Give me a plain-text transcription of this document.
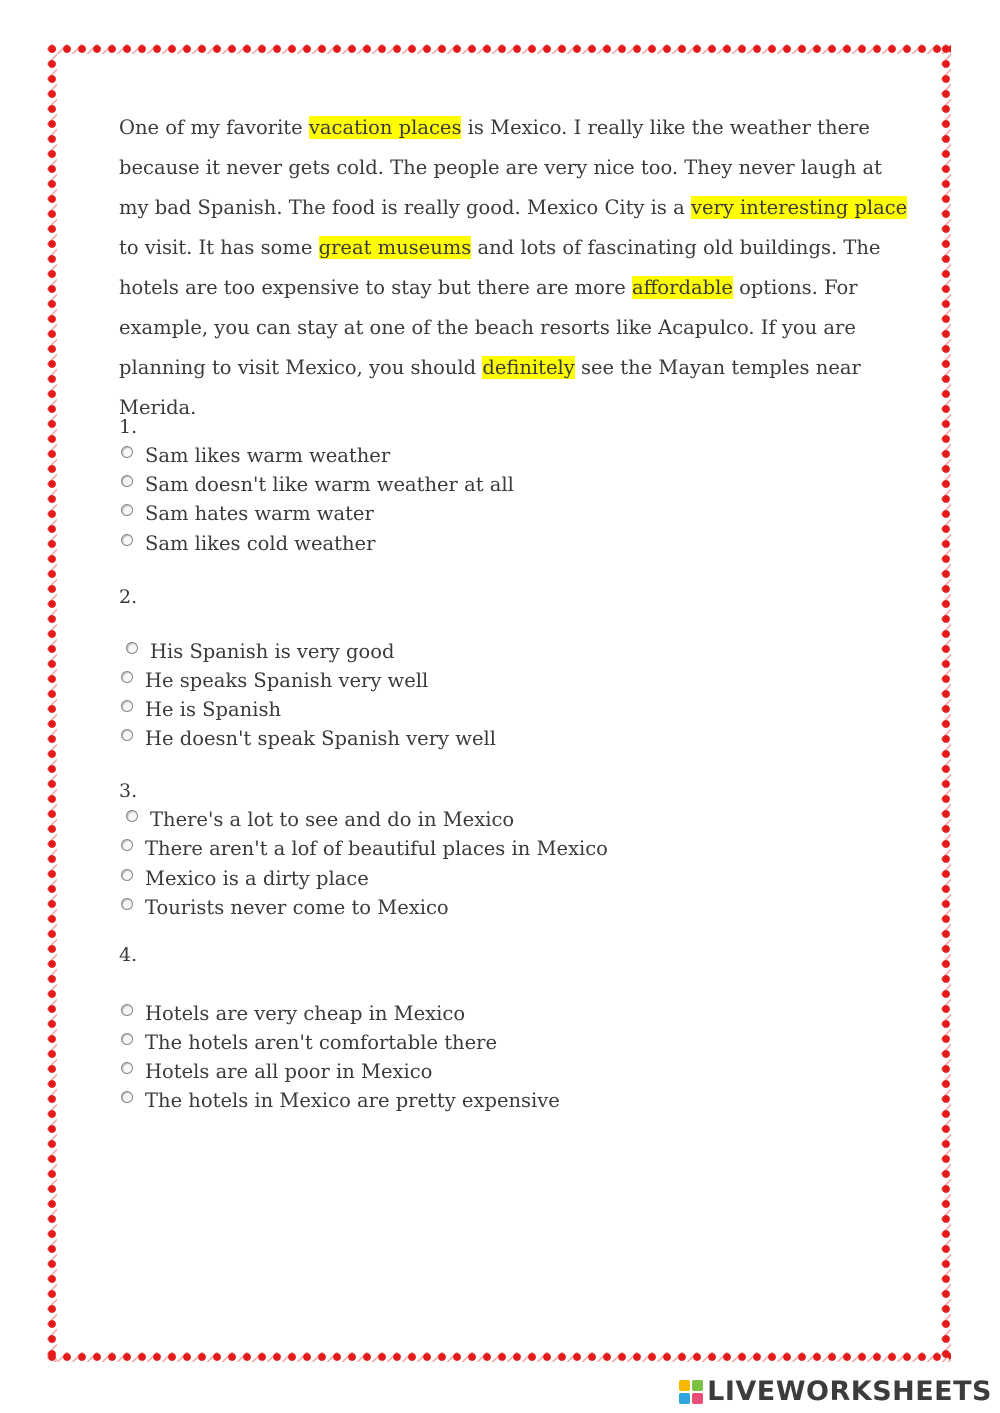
One of my favorite vacation places is Mexico. I really like the weather there because it never gets cold. The people are very nice too. They never laugh at my bad Spanish. The food is really good. Mexico City is a very interesting place to visit. It has some great museums and lots of fascinating old buildings. The hotels are too expensive to stay but there are more affordable options. For example, you can stay at one of the beach resorts like Acapulco. If you are planning to visit Mexico, you should definitely see the Mayan temples near Merida.

1.
Sam likes warm weather
Sam doesn't like warm weather at all
Sam hates warm water
Sam likes cold weather
2.
His Spanish is very good
He speaks Spanish very well
He is Spanish
He doesn't speak Spanish very well
3.
There's a lot to see and do in Mexico
There aren't a lof of beautiful places in Mexico
Mexico is a dirty place
Tourists never come to Mexico
4.
Hotels are very cheap in Mexico
The hotels aren't comfortable there
Hotels are all poor in Mexico
The hotels in Mexico are pretty expensive
LIVEWORKSHEETS
